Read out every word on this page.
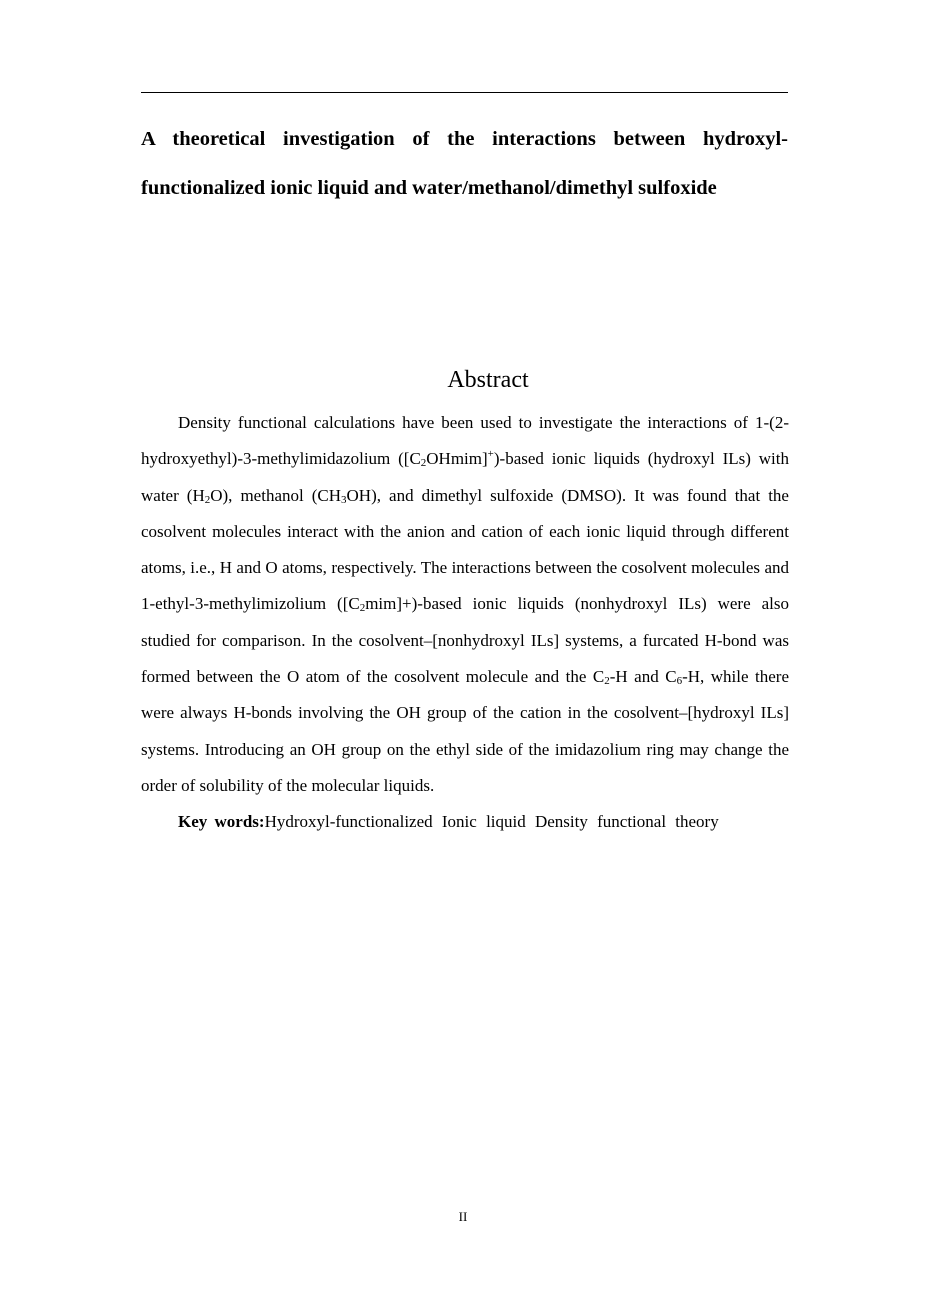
A theoretical investigation of the interactions between hydroxyl-functionalized ionic liquid and water/methanol/dimethyl sulfoxide
Abstract
Density functional calculations have been used to investigate the interactions of 1-(2-hydroxyethyl)-3-methylimidazolium $([C_2OHmim]^+)$-based ionic liquids (hydroxyl ILs) with water $(H_2O)$, methanol $(CH_3OH)$, and dimethyl sulfoxide (DMSO). It was found that the cosolvent molecules interact with the anion and cation of each ionic liquid through different atoms, i.e., H and O atoms, respectively. The interactions between the cosolvent molecules and 1-ethyl-3-methylimizolium $([C_2mim]+)$-based ionic liquids (nonhydroxyl ILs) were also studied for comparison. In the cosolvent–[nonhydroxyl ILs] systems, a furcated H-bond was formed between the O atom of the cosolvent molecule and the $C_2-H$ and $C_6-H$, while there were always H-bonds involving the OH group of the cation in the cosolvent–[hydroxyl ILs] systems. Introducing an OH group on the ethyl side of the imidazolium ring may change the order of solubility of the molecular liquids.
Key words:Hydroxyl-functionalized Ionic liquid Density functional theory
II
